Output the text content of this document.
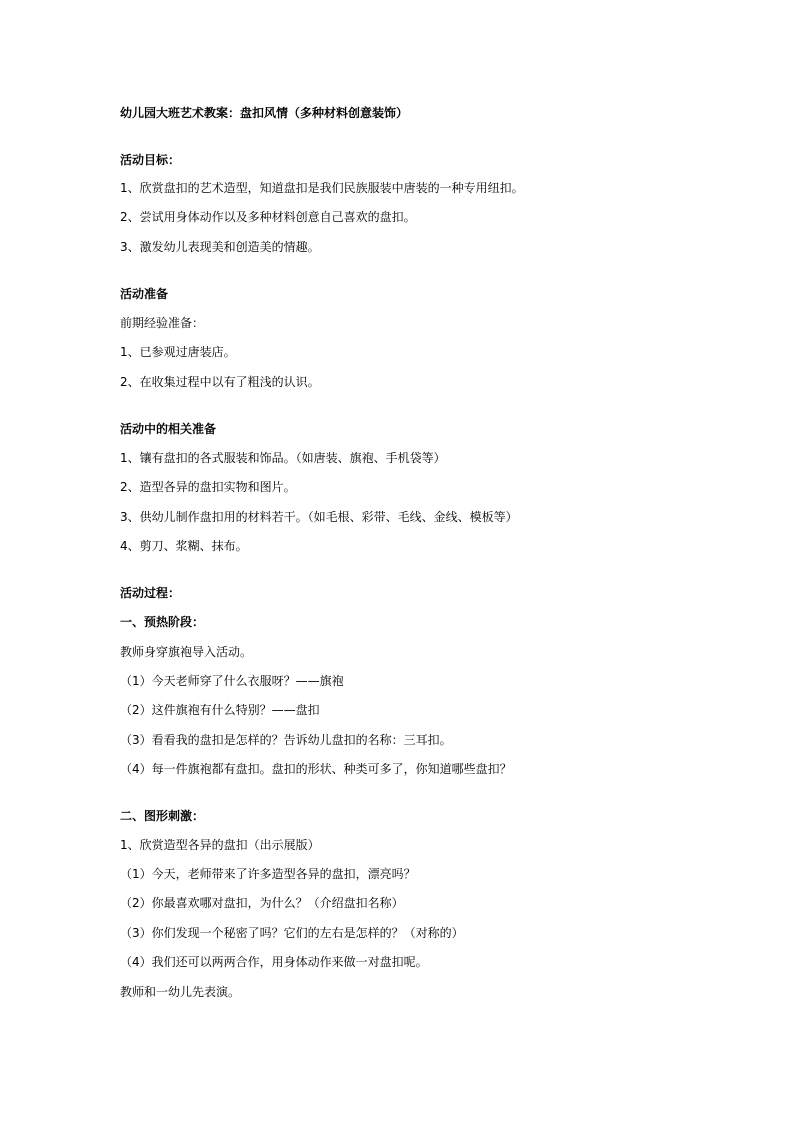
幼儿园大班艺术教案：盘扣风情（多种材料创意装饰）
活动目标：
1、欣赏盘扣的艺术造型，知道盘扣是我们民族服装中唐装的一种专用纽扣。
2、尝试用身体动作以及多种材料创意自己喜欢的盘扣。
3、激发幼儿表现美和创造美的情趣。
活动准备
前期经验准备：
1、已参观过唐装店。
2、在收集过程中以有了粗浅的认识。
活动中的相关准备
1、镶有盘扣的各式服装和饰品。（如唐装、旗袍、手机袋等）
2、造型各异的盘扣实物和图片。
3、供幼儿制作盘扣用的材料若干。（如毛根、彩带、毛线、金线、模板等）
4、剪刀、浆糊、抹布。
活动过程：
一、预热阶段：
教师身穿旗袍导入活动。
（1）今天老师穿了什么衣服呀？——旗袍
（2）这件旗袍有什么特别？——盘扣
（3）看看我的盘扣是怎样的？告诉幼儿盘扣的名称：三耳扣。
（4）每一件旗袍都有盘扣。盘扣的形状、种类可多了，你知道哪些盘扣？
二、图形刺激：
1、欣赏造型各异的盘扣（出示展版）
（1）今天，老师带来了许多造型各异的盘扣，漂亮吗？
（2）你最喜欢哪对盘扣，为什么？（介绍盘扣名称）
（3）你们发现一个秘密了吗？它们的左右是怎样的？（对称的）
（4）我们还可以两两合作，用身体动作来做一对盘扣呢。
教师和一幼儿先表演。
